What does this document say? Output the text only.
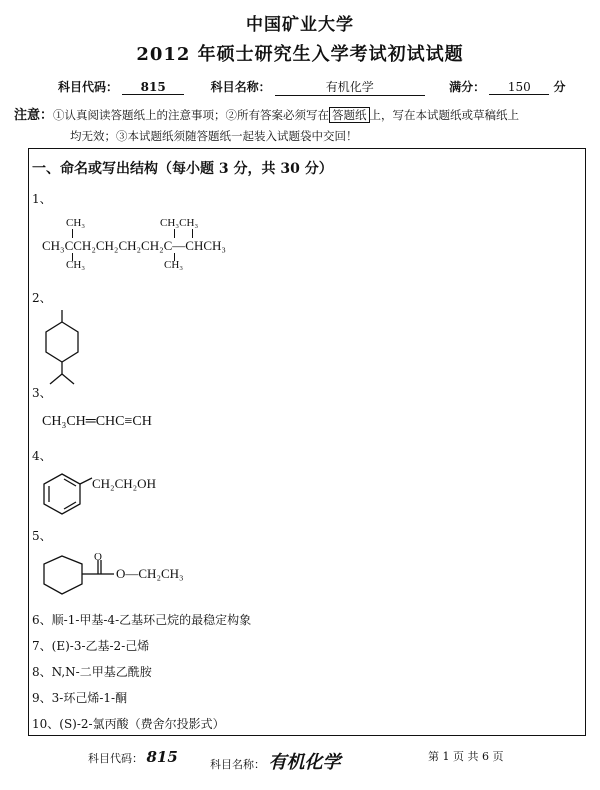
中国矿业大学
2012 年硕士研究生入学考试初试试题
科目代码： 815	科目名称：	有机化学	满分： 150 分
注意：①认真阅读答题纸上的注意事项；②所有答案必须写在 答题纸 上，写在本试题纸或草稿纸上
均无效；③本试题纸须随答题纸一起装入试题袋中交回！
一、命名或写出结构（每小题 3 分，共 30 分）
1、
CH₃	CH₃CH₃
CH₃CCH₂CH₂CH₂CH₂C—CHCH₃
CH₃	CH₃
2、
3、
CH₃CH═CHC≡CH
4、
CH₂CH₂OH
5、
O
O—CH₂CH₃
6、顺-1-甲基-4-乙基环己烷的最稳定构象
7、(E)-3-乙基-2-己烯
8、N,N-二甲基乙酰胺
9、3-环己烯-1-酮
10、(S)-2-氯丙酸（费舍尔投影式）
科目代码： 815	科目名称： 有机化学	第 1 页 共 6 页
